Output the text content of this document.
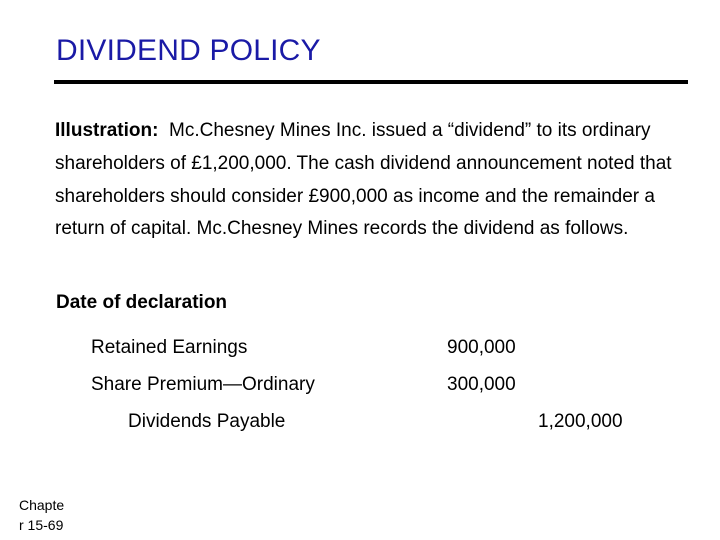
DIVIDEND POLICY
Illustration: Mc.Chesney Mines Inc. issued a “dividend” to its ordinary shareholders of £1,200,000. The cash dividend announcement noted that shareholders should consider £900,000 as income and the remainder a return of capital. Mc.Chesney Mines records the dividend as follows.
Date of declaration
Retained Earnings	900,000
Share Premium—Ordinary	300,000
Dividends Payable	1,200,000
Chapte
r 15-69
